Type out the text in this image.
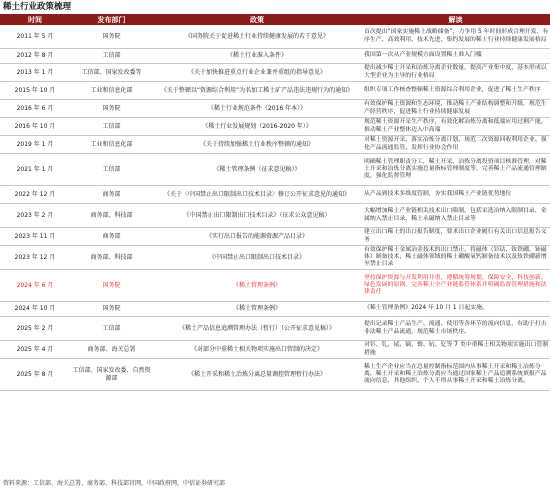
稀土行业政策梳理
时间	发布部门	政策	解读
2011 年 5 月	国务院	《国务院关于促进稀土行业持续健康发展的若干意见》	首次提出“国家实施稀土战略储备”，力争用 5 年时间形成合理开发、有序生产、高效利用、技术先进、集约发展的稀土行业持续健康发展格局
2012 年 8 月	工信部	《稀土行业准入条件》	我国第一次从产业规模方面设置稀土准入门槛
2013 年 1 月	工信部、国家发改委等	《关于加快推进重点行业企业兼并重组的指导意见》	提出减少稀土开采和冶炼分离企业数量，提高产业集中度，基本形成以大型企业为主导的行业格局
2015 年 10 月	工业和信息化部	《关于整顿以“资源综合利用”为名加工稀土矿产品违法违规行为的通知》	组织专项工作核查整顿稀土资源综合利用企业，促进了稀土生产秩序
2016 年 6 月	国务院	《稀土行业规范条件（2016 年本）》	有效保护稀土资源和生态环境，推动稀土产业结构调整和升级，规范生产经营秩序，促进稀土行业持续健康发展
2016 年 10 月	工信部	《稀土行业发展规划（2016-2020 年）》	规范稀土资源开采生产秩序，有效化解冶炼分离和低端应用过剩产能，推动稀土产业整体迈入中高端
2019 年 1 月	工业和信息化部	《关于持续加强稀土行业秩序整顿的通知》	对稀土资源开采、落实冶炼分离计划、规范二次资源回收利用企业、强化产品流通监管，发挥行业协会作用
2021 年 1 月	工信部	《稀土管理条例（征求意见稿）》	明确稀土管理职责分工，稀土开采、冶炼分离投资项目核准管理，对稀土开采和冶炼分离实施总量指标管理制度等，完善稀土产品流通管理制度，强化监督管理
2022 年 12 月	商务部	《关于〈中国禁止出口限制出口技术目录〉修订公开征求意见的通知》	从产品到技术多维度管制，夯实我国稀土产业链优势地位
2023 年 2 月	商务部、科技部	《中国禁止出口限制出口技术目录》（征求公众意见稿）	大幅增加稀土产业链相关技术出口限制，包括采选冶纳入限制目录，金属纳入禁止目录，稀土永磁纳入禁止目录等
2023 年 11 月	商务部	《实行出口报告的能源资源产品目录》	建立出口稀土的出口报告制度，要求出口企业履行有关出口信息报告义务
2023 年 12 月	商务部、科技部	《中国禁止出口限制出口技术目录》	有效保护稀土金属冶金技术的出口禁止，将磁体（钐钴、钕铁硼、铈磁体）制备技术，稀土磁体领域的稀土硼酸氧钙制备技术以及钕铁硼新增至禁止目录
2024 年 6 月	国务院	《稀土管理条例》	坚持保护资源与开发利用并重，遵循统筹规划、保障安全、科技创新、绿色发展的原则，完善稀土全产业链监管体系并明确监督管理措施和法律责任
2024 年 10 月	国务院	《稀土管理条例》	《稀土管理条例》2024 年 10 月 1 日起实施。
2025 年 2 月	工信部	《稀土产品信息追溯管理办法（暂行）（公开征求意见稿）》	提出记录稀土产品生产、流通、使用等各环节的流向信息，有助于打击非法稀土产品流通，规范稀土市场秩序。
2025 年 4 月	商务部、海关总署	《对部分中重稀土相关物项实施出口管制的决定》	对钐、钆、铽、镝、镥、钪、钇等 7 类中重稀土相关物项实施出口管制措施
2025 年 8 月	工信部、国家发改委、自然资源部	《稀土开采和稀土冶炼分离总量调控管理暂行办法》	稀土生产企业应当在总量控制指标范围内从事稀土开采和稀土冶炼分离，稀土开采和稀土冶炼分离应当通过国家稀土产品追溯系统填报产品流向信息，其他组织、个人不得从事稀土开采和稀土冶炼分离。
资料来源：工信部、海关总署、商务部、科技部官网，中国政府网，中信证券研究部
